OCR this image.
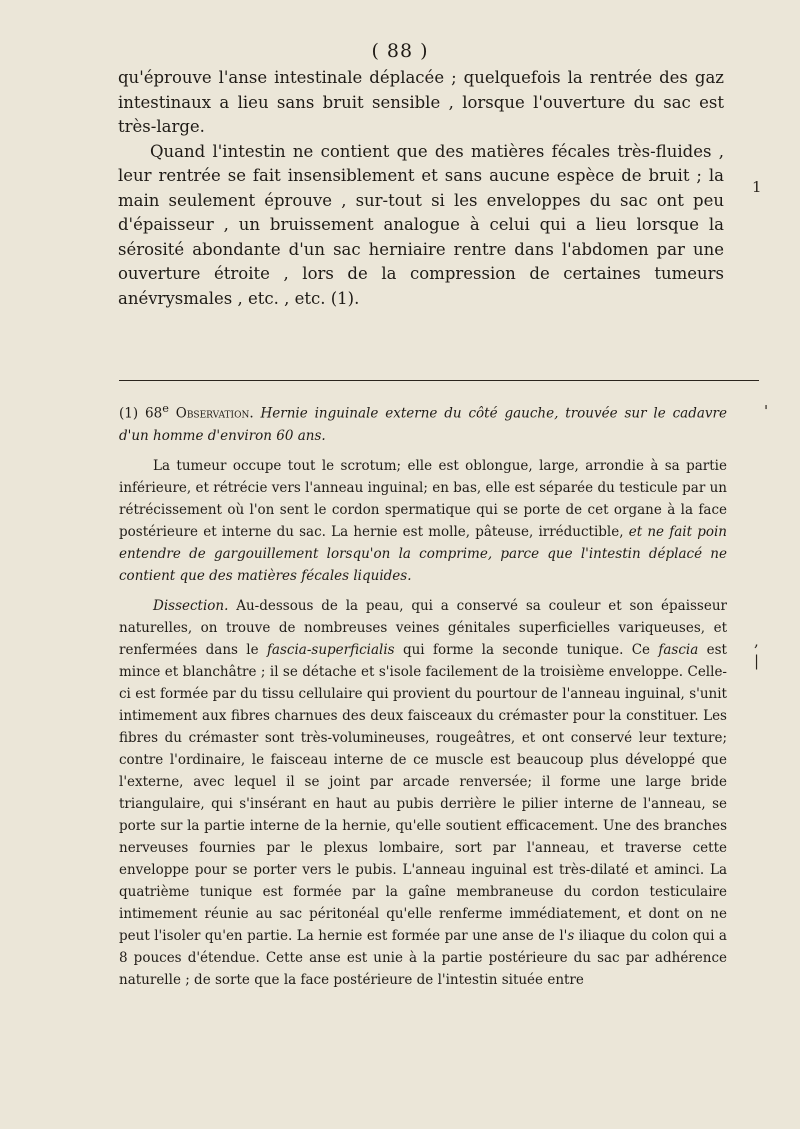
( 88 )

qu'éprouve l'anse intestinale déplacée ; quelquefois la rentrée des gaz intestinaux a lieu sans bruit sensible , lorsque l'ouverture du sac est très-large.

Quand l'intestin ne contient que des matières fécales très-fluides , leur rentrée se fait insensiblement et sans aucune espèce de bruit ; la main seulement éprouve , sur-tout si les enveloppes du sac ont peu d'épaisseur , un bruissement analogue à celui qui a lieu lorsque la sérosité abondante d'un sac herniaire rentre dans l'abdomen par une ouverture étroite , lors de la compression de certaines tumeurs anévrysmales , etc. , etc. (1).

1
'
,
|

(1) 68e Observation. Hernie inguinale externe du côté gauche, trouvée sur le cadavre d'un homme d'environ 60 ans.

La tumeur occupe tout le scrotum; elle est oblongue, large, arrondie à sa partie inférieure, et rétrécie vers l'anneau inguinal; en bas, elle est séparée du testicule par un rétrécissement où l'on sent le cordon spermatique qui se porte de cet organe à la face postérieure et interne du sac. La hernie est molle, pâteuse, irréductible, et ne fait poin entendre de gargouillement lorsqu'on la comprime, parce que l'intestin déplacé ne contient que des matières fécales liquides.

Dissection. Au-dessous de la peau, qui a conservé sa couleur et son épaisseur naturelles, on trouve de nombreuses veines génitales superficielles variqueuses, et renfermées dans le fascia-superficialis qui forme la seconde tunique. Ce fascia est mince et blanchâtre ; il se détache et s'isole facilement de la troisième enveloppe. Celle-ci est formée par du tissu cellulaire qui provient du pourtour de l'anneau inguinal, s'unit intimement aux fibres charnues des deux faisceaux du crémaster pour la constituer. Les fibres du crémaster sont très-volumineuses, rougeâtres, et ont conservé leur texture; contre l'ordinaire, le faisceau interne de ce muscle est beaucoup plus développé que l'externe, avec lequel il se joint par arcade renversée; il forme une large bride triangulaire, qui s'insérant en haut au pubis derrière le pilier interne de l'anneau, se porte sur la partie interne de la hernie, qu'elle soutient efficacement. Une des branches nerveuses fournies par le plexus lombaire, sort par l'anneau, et traverse cette enveloppe pour se porter vers le pubis. L'anneau inguinal est très-dilaté et aminci. La quatrième tunique est formée par la gaîne membraneuse du cordon testiculaire intimement réunie au sac péritonéal qu'elle renferme immédiatement, et dont on ne peut l'isoler qu'en partie. La hernie est formée par une anse de l's iliaque du colon qui a 8 pouces d'étendue. Cette anse est unie à la partie postérieure du sac par adhérence naturelle ; de sorte que la face postérieure de l'intestin située entre
